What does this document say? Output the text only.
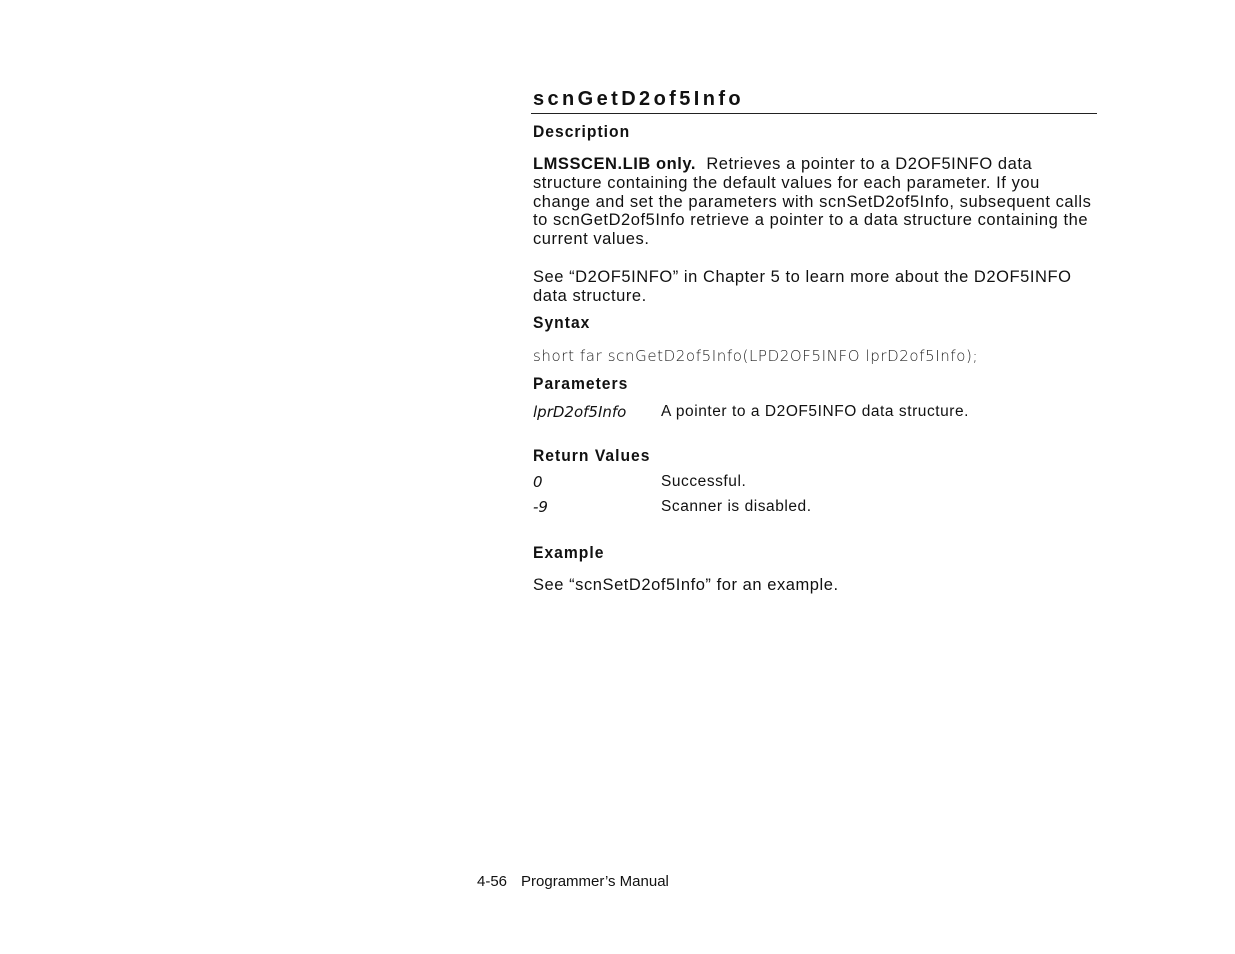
scnGetD2of5Info
Description

LMSSCEN.LIB only. Retrieves a pointer to a D2OF5INFO data structure containing the default values for each parameter. If you change and set the parameters with scnSetD2of5Info, subsequent calls to scnGetD2of5Info retrieve a pointer to a data structure containing the current values.

See “D2OF5INFO” in Chapter 5 to learn more about the D2OF5INFO data structure.

Syntax
short far scnGetD2of5Info(LPD2OF5INFO lprD2of5Info);
Parameters
lprD2of5Info A pointer to a D2OF5INFO data structure.
Return Values
0	Successful.
-9	Scanner is disabled.
Example

See “scnSetD2of5Info” for an example.

4-56 Programmer’s Manual
